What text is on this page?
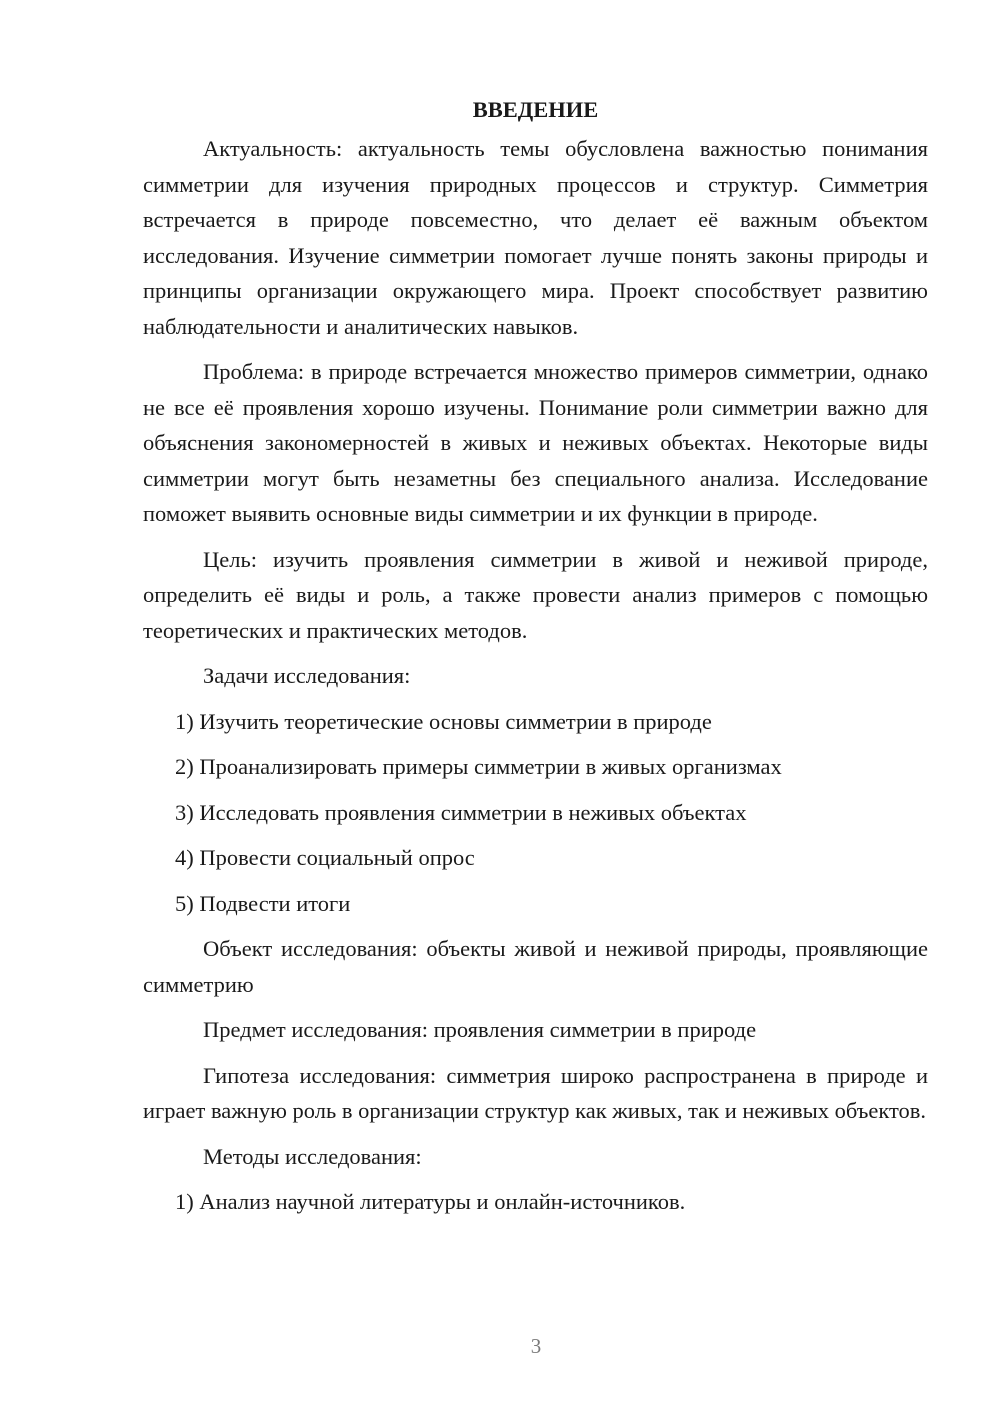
ВВЕДЕНИЕ
Актуальность: актуальность темы обусловлена важностью понимания симметрии для изучения природных процессов и структур. Симметрия встречается в природе повсеместно, что делает её важным объектом исследования. Изучение симметрии помогает лучше понять законы природы и принципы организации окружающего мира. Проект способствует развитию наблюдательности и аналитических навыков.
Проблема: в природе встречается множество примеров симметрии, однако не все её проявления хорошо изучены. Понимание роли симметрии важно для объяснения закономерностей в живых и неживых объектах. Некоторые виды симметрии могут быть незаметны без специального анализа. Исследование поможет выявить основные виды симметрии и их функции в природе.
Цель: изучить проявления симметрии в живой и неживой природе, определить её виды и роль, а также провести анализ примеров с помощью теоретических и практических методов.
Задачи исследования:
1) Изучить теоретические основы симметрии в природе
2) Проанализировать примеры симметрии в живых организмах
3) Исследовать проявления симметрии в неживых объектах
4) Провести социальный опрос
5) Подвести итоги
Объект исследования: объекты живой и неживой природы, проявляющие симметрию
Предмет исследования: проявления симметрии в природе
Гипотеза исследования: симметрия широко распространена в природе и играет важную роль в организации структур как живых, так и неживых объектов.
Методы исследования:
1) Анализ научной литературы и онлайн-источников.
3
